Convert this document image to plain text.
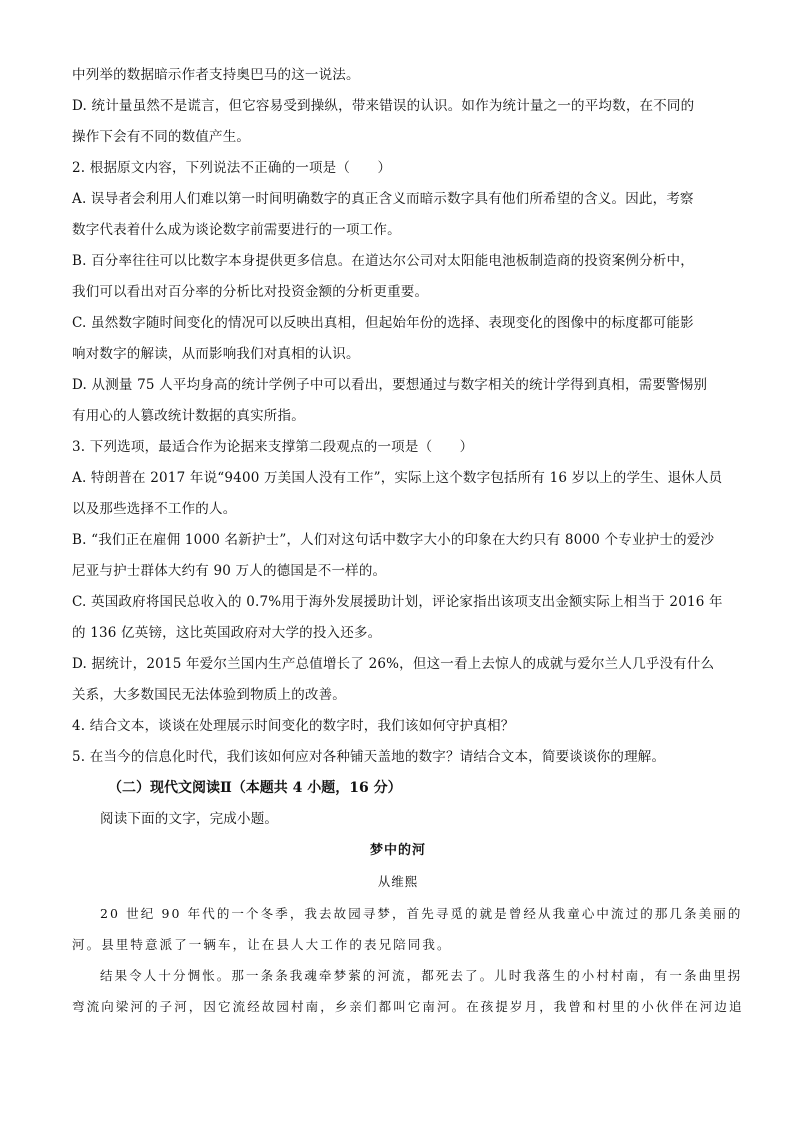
中列举的数据暗示作者支持奥巴马的这一说法。
D. 统计量虽然不是谎言，但它容易受到操纵，带来错误的认识。如作为统计量之一的平均数，在不同的
操作下会有不同的数值产生。
2. 根据原文内容，下列说法不正确的一项是（　　）
A. 误导者会利用人们难以第一时间明确数字的真正含义而暗示数字具有他们所希望的含义。因此，考察
数字代表着什么成为谈论数字前需要进行的一项工作。
B. 百分率往往可以比数字本身提供更多信息。在道达尔公司对太阳能电池板制造商的投资案例分析中，
我们可以看出对百分率的分析比对投资金额的分析更重要。
C. 虽然数字随时间变化的情况可以反映出真相，但起始年份的选择、表现变化的图像中的标度都可能影
响对数字的解读，从而影响我们对真相的认识。
D. 从测量 75 人平均身高的统计学例子中可以看出，要想通过与数字相关的统计学得到真相，需要警惕别
有用心的人篡改统计数据的真实所指。
3. 下列选项，最适合作为论据来支撑第二段观点的一项是（　　）
A. 特朗普在 2017 年说“9400 万美国人没有工作”，实际上这个数字包括所有 16 岁以上的学生、退休人员
以及那些选择不工作的人。
B. “我们正在雇佣 1000 名新护士”，人们对这句话中数字大小的印象在大约只有 8000 个专业护士的爱沙
尼亚与护士群体大约有 90 万人的德国是不一样的。
C. 英国政府将国民总收入的 0.7%用于海外发展援助计划，评论家指出该项支出金额实际上相当于 2016 年
的 136 亿英镑，这比英国政府对大学的投入还多。
D. 据统计，2015 年爱尔兰国内生产总值增长了 26%，但这一看上去惊人的成就与爱尔兰人几乎没有什么
关系，大多数国民无法体验到物质上的改善。
4. 结合文本，谈谈在处理展示时间变化的数字时，我们该如何守护真相？
5. 在当今的信息化时代，我们该如何应对各种铺天盖地的数字？请结合文本，简要谈谈你的理解。
（二）现代文阅读Ⅱ（本题共 4 小题，16 分）
阅读下面的文字，完成小题。
梦中的河
从维熙
20 世纪 90 年代的一个冬季，我去故园寻梦，首先寻觅的就是曾经从我童心中流过的那几条美丽的
河。县里特意派了一辆车，让在县人大工作的表兄陪同我。
结果令人十分惆怅。那一条条我魂牵梦萦的河流，都死去了。儿时我落生的小村村南，有一条曲里拐
弯流向梁河的子河，因它流经故园村南，乡亲们都叫它南河。在孩提岁月，我曾和村里的小伙伴在河边追
